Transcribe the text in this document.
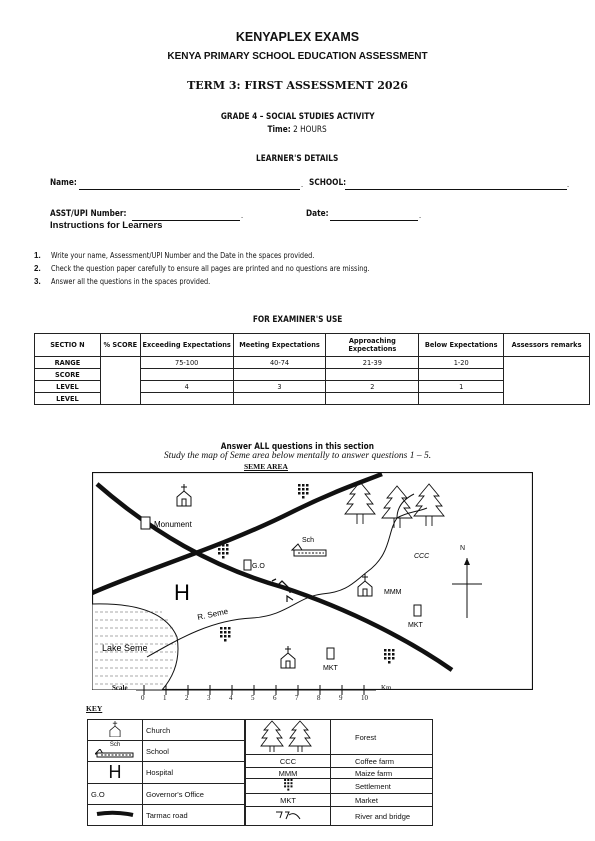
KENYAPLEX EXAMS
KENYA PRIMARY SCHOOL EDUCATION ASSESSMENT
TERM 3: FIRST ASSESSMENT 2026
GRADE 4 – SOCIAL STUDIES ACTIVITY
Time: 2 HOURS
LEARNER'S DETAILS
Name:	. SCHOOL:	.
ASST/UPI Number:	.	Date:	.
Instructions for Learners
1. Write your name, Assessment/UPI Number and the Date in the spaces provided.
2. Check the question paper carefully to ensure all pages are printed and no questions are missing.
3. Answer all the questions in the spaces provided.
FOR EXAMINER'S USE
SECTIO N	% SCORE	Exceeding Expectations	Meeting Expectations	Approaching Expectations	Below Expectations	Assessors remarks
RANGE		75-100	40-74	21-39	1-20	
SCORE						
LEVEL		4	3	2	1	
LEVEL						
Answer ALL questions in this section
Study the map of Seme area below mentally to answer questions 1 – 5.
SEME AREA
Lake Seme
R. Seme
Monument
Sch
G.O
H
CCC
MMM
MKT
MKT
N
Scale
0	1	2	3	4	5	6	7	8	9	10
Km
KEY
	Church

Sch	School
H	Hospital
G.O	Governor's Office
	Tarmac road
	Forest
CCC	Coffee farm
MMM	Maize farm
	Settlement
MKT	Market
	River and bridge
